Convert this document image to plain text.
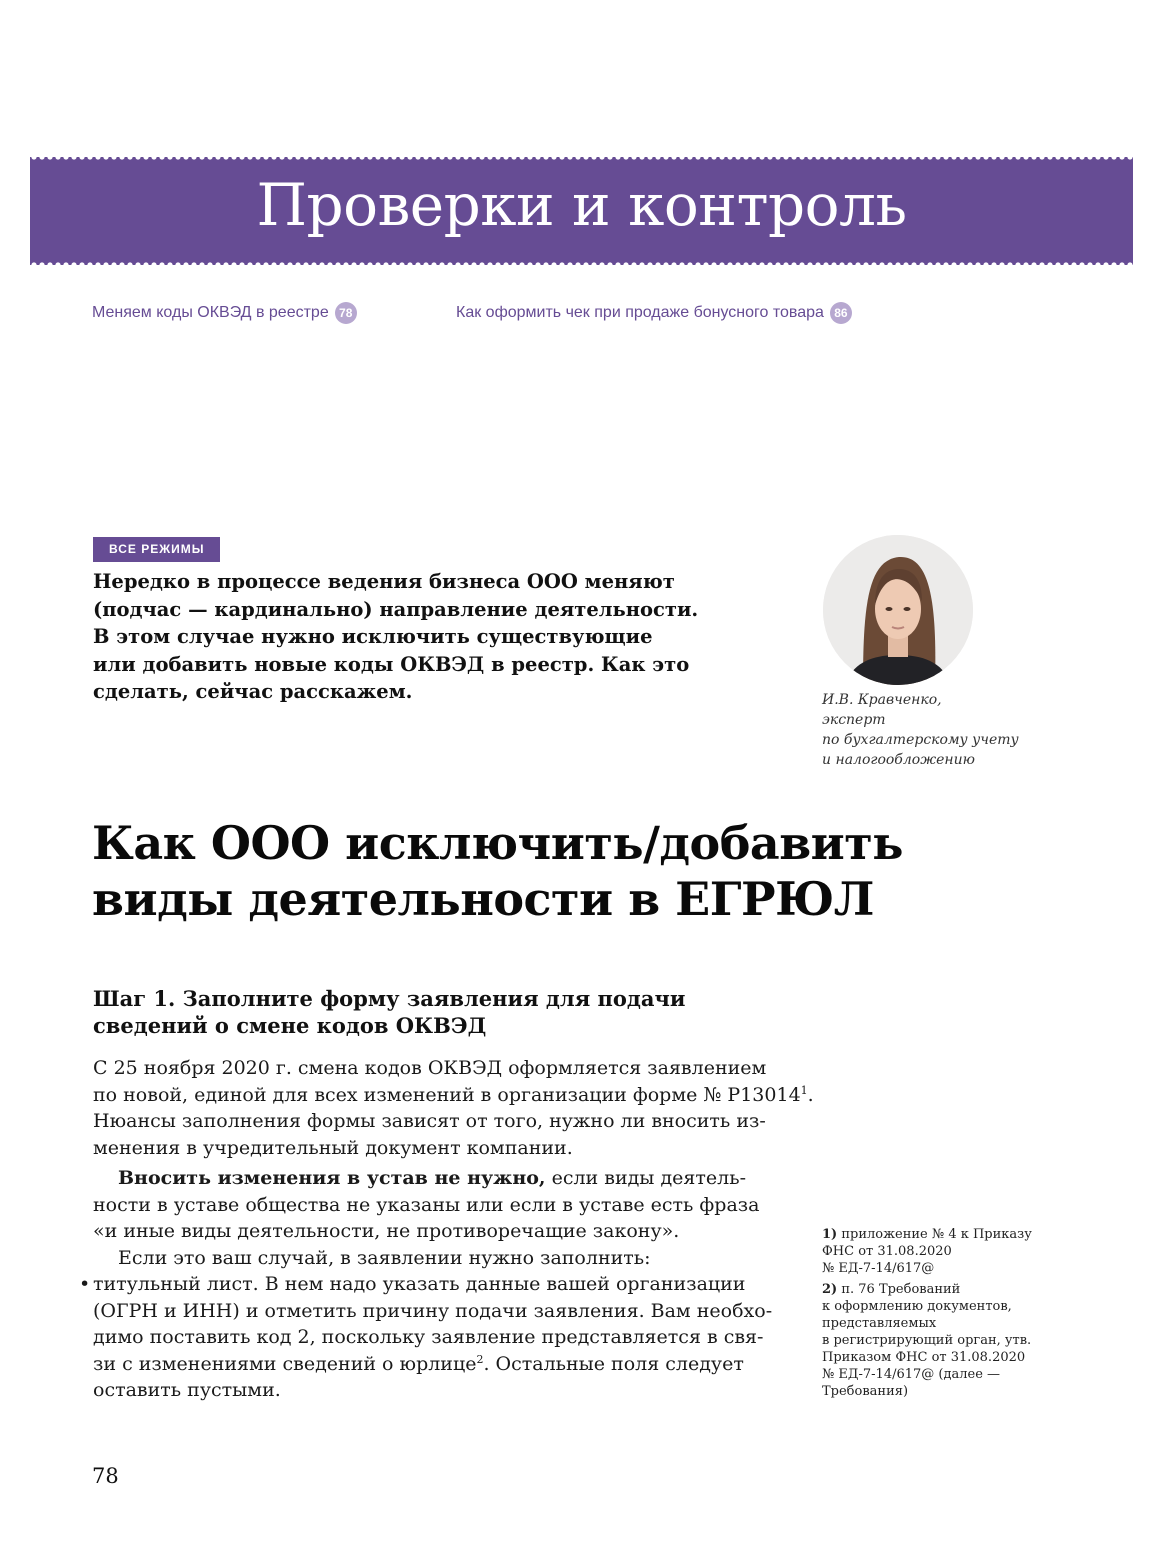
Проверки и контроль
Меняем коды ОКВЭД в реестре 78	Как оформить чек при продаже бонусного товара 86
ВСЕ РЕЖИМЫ
Нередко в процессе ведения бизнеса ООО меняют
(подчас — кардинально) направление деятельности.
В этом случае нужно исключить существующие
или добавить новые коды ОКВЭД в реестр. Как это
сделать, сейчас расскажем.	И.В. Кравченко,
эксперт
по бухгалтерскому учету
и налогообложению
Как ООО исключить/добавить
виды деятельности в ЕГРЮЛ
Шаг 1. Заполните форму заявления для подачи
сведений о смене кодов ОКВЭД
С 25 ноября 2020 г. смена кодов ОКВЭД оформляется заявлением
по новой, единой для всех изменений в организации форме № Р13014$^1$.
Нюансы заполнения формы зависят от того, нужно ли вносить из-
менения в учредительный документ компании.
Вносить изменения в устав не нужно, если виды деятель-
ности в уставе общества не указаны или если в уставе есть фраза
«и иные виды деятельности, не противоречащие закону».
Если это ваш случай, в заявлении нужно заполнить:
• титульный лист. В нем надо указать данные вашей организации
(ОГРН и ИНН) и отметить причину подачи заявления. Вам необхо-
димо поставить код 2, поскольку заявление представляется в свя-
зи с изменениями сведений о юрлице$^2$. Остальные поля следует
оставить пустыми.
1) приложение № 4 к Приказу
ФНС от 31.08.2020
№ ЕД-7-14/617@
2) п. 76 Требований
к оформлению документов,
представляемых
в регистрирующий орган, утв.
Приказом ФНС от 31.08.2020
№ ЕД-7-14/617@ (далее —
Требования)
78
